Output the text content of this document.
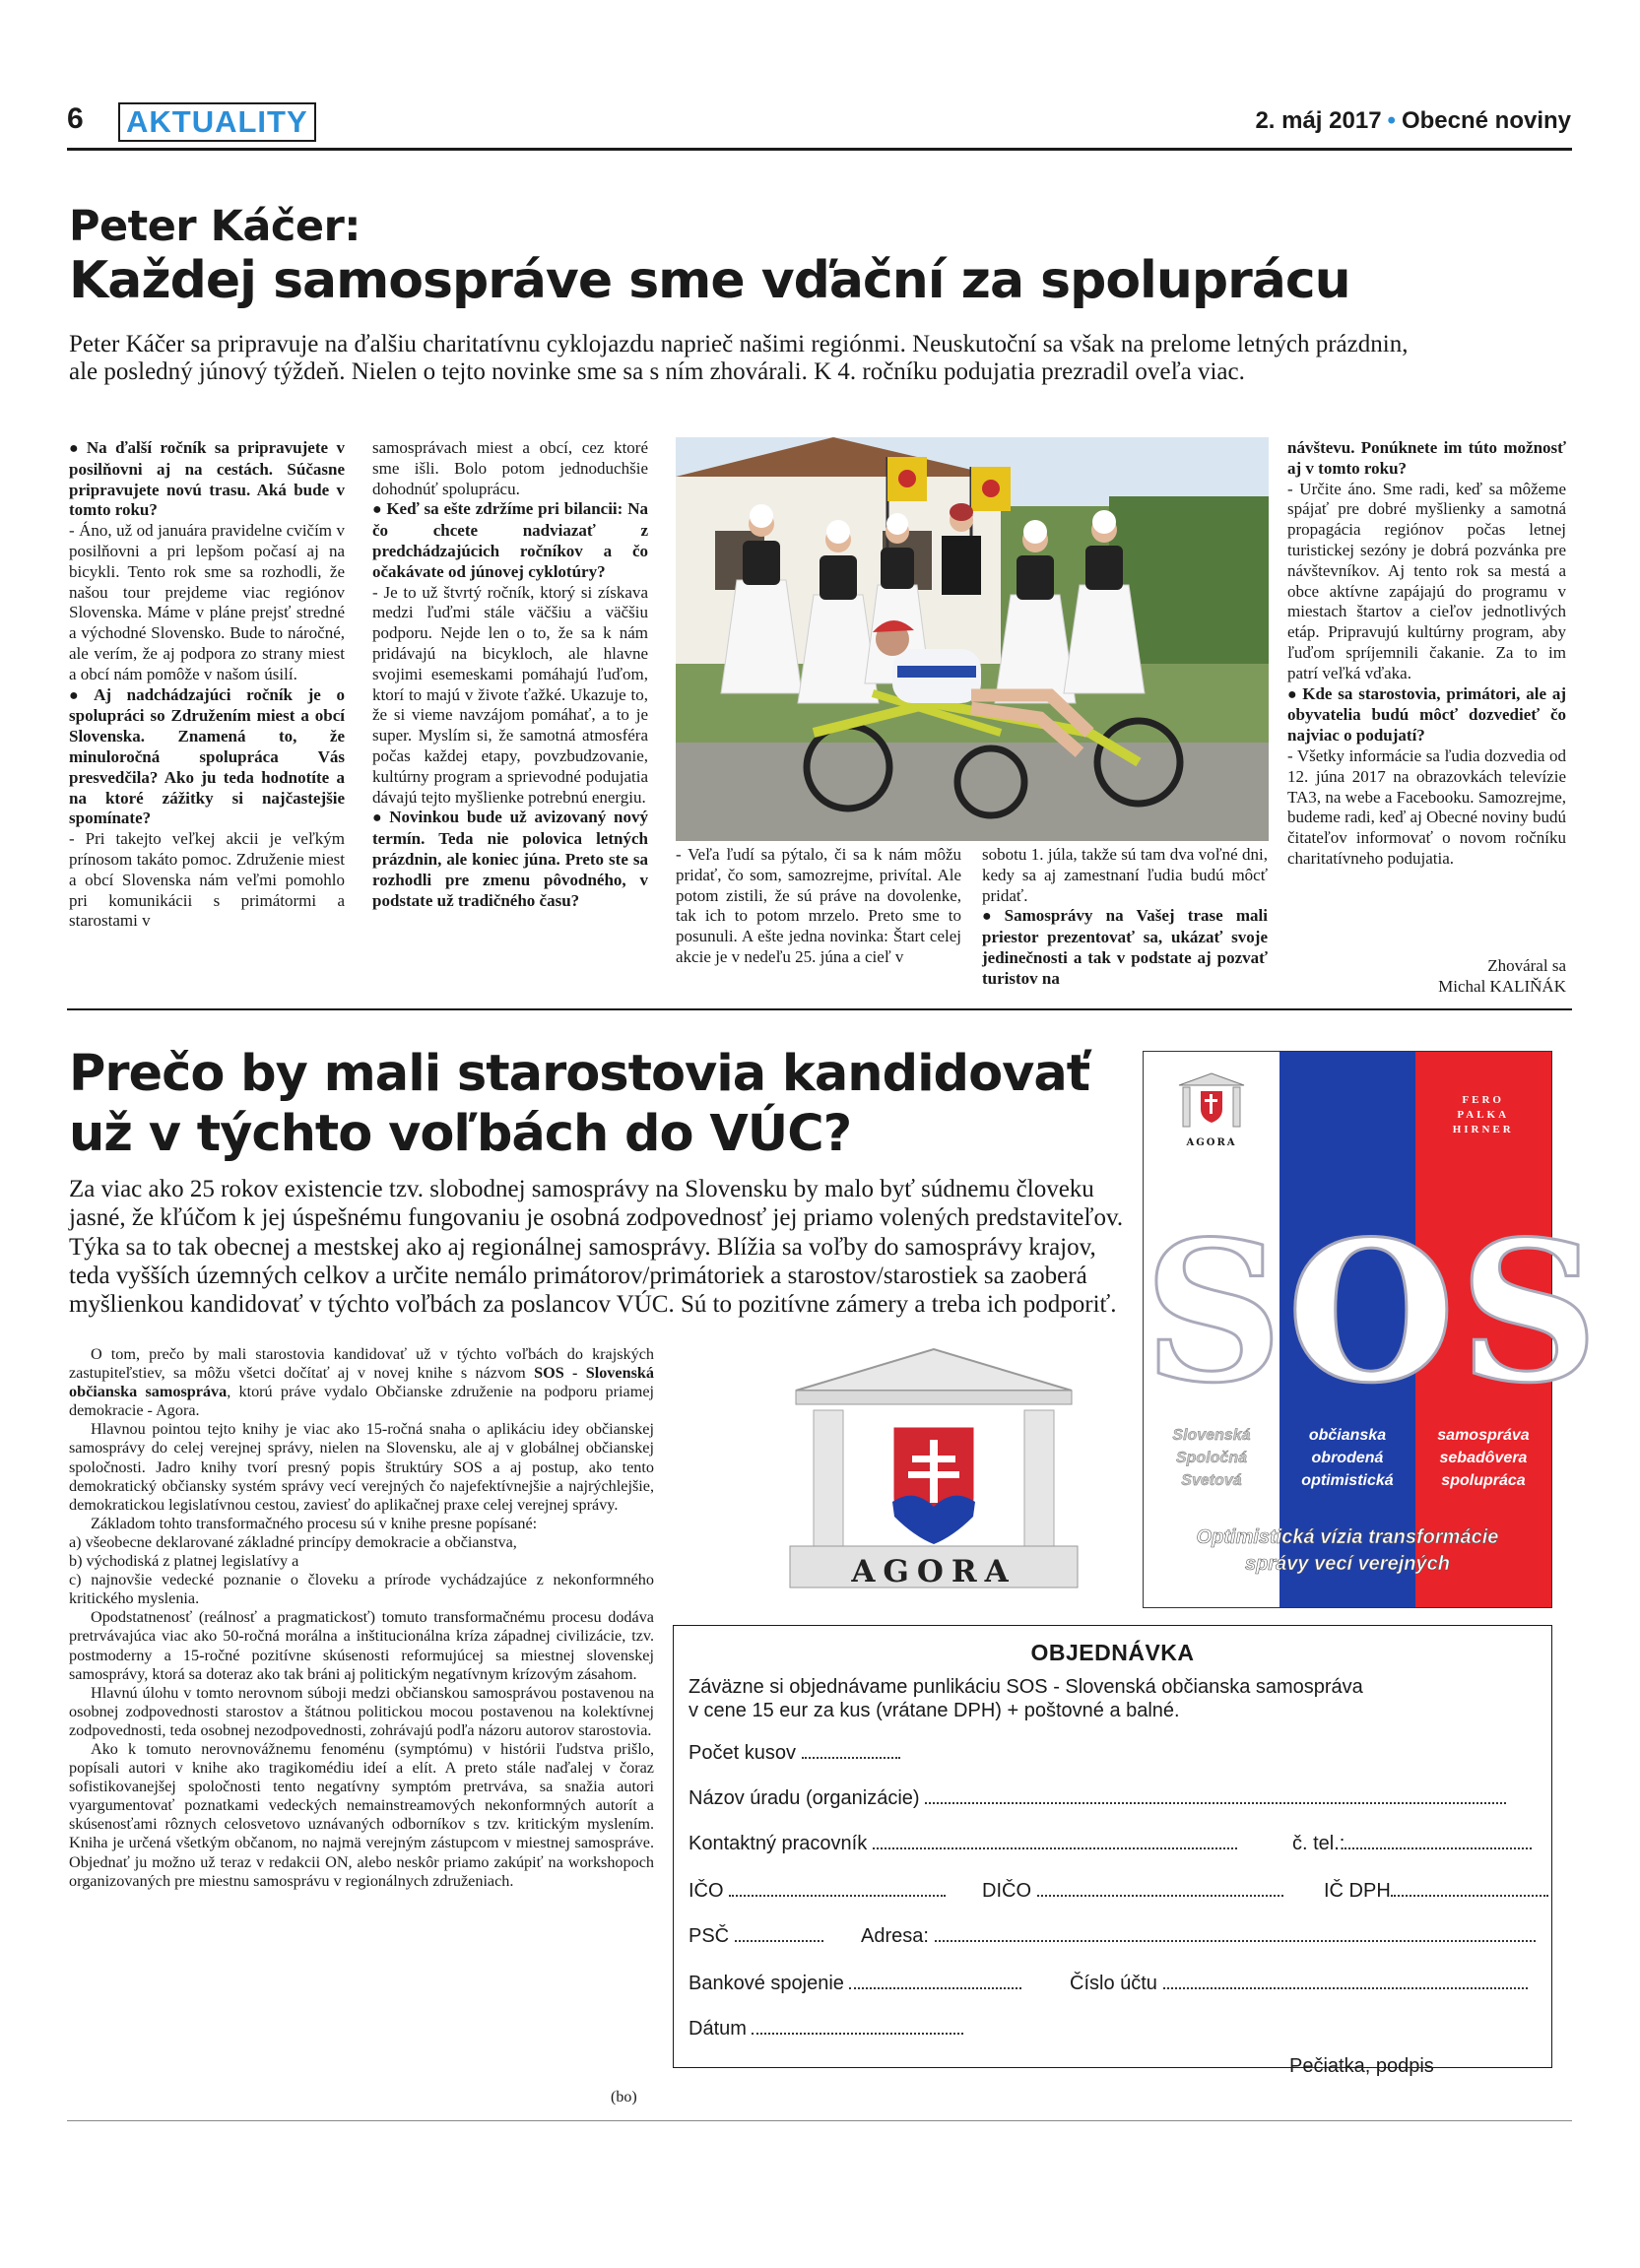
6 AKTUALITY	2. máj 2017 • Obecné noviny
Peter Káčer:
Každej samospráve sme vďační za spoluprácu
Peter Káčer sa pripravuje na ďalšiu charitatívnu cyklojazdu naprieč našimi regiónmi. Neuskutoční sa však na prelome letných prázdnin, ale posledný júnový týždeň. Nielen o tejto novinke sme sa s ním zhovárali. K 4. ročníku podujatia prezradil oveľa viac.

● Na ďalší ročník sa pripravujete v posilňovni aj na cestách. Súčasne pripravujete novú trasu. Aká bude v tomto roku?

- Áno, už od januára pravidelne cvičím v posilňovni a pri lepšom počasí aj na bicykli. Tento rok sme sa rozhodli, že našou tour prejdeme viac regiónov Slovenska. Máme v pláne prejsť stredné a východné Slovensko. Bude to náročné, ale verím, že aj podpora zo strany miest a obcí nám pomôže v našom úsilí.

● Aj nadchádzajúci ročník je o spolupráci so Združením miest a obcí Slovenska. Znamená to, že minuloročná spolupráca Vás presvedčila? Ako ju teda hodnotíte a na ktoré zážitky si najčastejšie spomínate?

- Pri takejto veľkej akcii je veľkým prínosom takáto pomoc. Združenie miest a obcí Slovenska nám veľmi pomohlo pri komunikácii s primátormi a starostami v

samosprávach miest a obcí, cez ktoré sme išli. Bolo potom jednoduchšie dohodnúť spoluprácu.

● Keď sa ešte zdržíme pri bilancii: Na čo chcete nadviazať z predchádzajúcich ročníkov a čo očakávate od júnovej cyklotúry?

- Je to už štvrtý ročník, ktorý si získava medzi ľuďmi stále väčšiu a väčšiu podporu. Nejde len o to, že sa k nám pridávajú na bicykloch, ale hlavne svojimi esemeskami pomáhajú ľuďom, ktorí to majú v živote ťažké. Ukazuje to, že si vieme navzájom pomáhať, a to je super. Myslím si, že samotná atmosféra počas každej etapy, povzbudzovanie, kultúrny program a sprievodné podujatia dávajú tejto myšlienke potrebnú energiu.

● Novinkou bude už avizovaný nový termín. Teda nie polovica letných prázdnin, ale koniec júna. Preto ste sa rozhodli pre zmenu pôvodného, v podstate už tradičného času?

- Veľa ľudí sa pýtalo, či sa k nám môžu pridať, čo som, samozrejme, privítal. Ale potom zistili, že sú práve na dovolenke, tak ich to potom mrzelo. Preto sme to posunuli. A ešte jedna novinka: Štart celej akcie je v nedeľu 25. júna a cieľ v

sobotu 1. júla, takže sú tam dva voľné dni, kedy sa aj zamestnaní ľudia budú môcť pridať.

● Samosprávy na Vašej trase mali priestor prezentovať sa, ukázať svoje jedinečnosti a tak v podstate aj pozvať turistov na

návštevu. Ponúknete im túto možnosť aj v tomto roku?

- Určite áno. Sme radi, keď sa môžeme spájať pre dobré myšlienky a samotná propagácia regiónov počas letnej turistickej sezóny je dobrá pozvánka pre návštevníkov. Aj tento rok sa mestá a obce aktívne zapájajú do programu v miestach štartov a cieľov jednotlivých etáp. Pripravujú kultúrny program, aby ľuďom spríjemnili čakanie. Za to im patrí veľká vďaka.

● Kde sa starostovia, primátori, ale aj obyvatelia budú môcť dozvedieť čo najviac o podujatí?

- Všetky informácie sa ľudia dozvedia od 12. júna 2017 na obrazovkách televízie TA3, na webe a Facebooku. Samozrejme, budeme radi, keď aj Obecné noviny budú čitateľov informovať o novom ročníku charitatívneho podujatia.

Zhováral sa
Michal KALIŇÁK
Prečo by mali starostovia kandidovať už v týchto voľbách do VÚC?
Za viac ako 25 rokov existencie tzv. slobodnej samosprávy na Slovensku by malo byť súdnemu človeku jasné, že kľúčom k jej úspešnému fungovaniu je osobná zodpovednosť jej priamo volených predstaviteľov. Týka sa to tak obecnej a mestskej ako aj regionálnej samosprávy. Blížia sa voľby do samosprávy krajov, teda vyšších územných celkov a určite nemálo primátorov/primátoriek a starostov/starostiek sa zaoberá myšlienkou kandidovať v týchto voľbách za poslancov VÚC. Sú to pozitívne zámery a treba ich podporiť.

O tom, prečo by mali starostovia kandidovať už v týchto voľbách do krajských zastupiteľstiev, sa môžu všetci dočítať aj v novej knihe s názvom SOS - Slovenská občianska samospráva, ktorú práve vydalo Občianske združenie na podporu priamej demokracie - Agora.

Hlavnou pointou tejto knihy je viac ako 15-ročná snaha o aplikáciu idey občianskej samosprávy do celej verejnej správy, nielen na Slovensku, ale aj v globálnej občianskej spoločnosti. Jadro knihy tvorí presný popis štruktúry SOS a aj postup, ako tento demokratický občiansky systém správy vecí verejných čo najefektívnejšie a najrýchlejšie, demokratickou legislatívnou cestou, zaviesť do aplikačnej praxe celej verejnej správy.

Základom tohto transformačného procesu sú v knihe presne popísané:

a) všeobecne deklarované základné princípy demokracie a občianstva,

b) východiská z platnej legislatívy a

c) najnovšie vedecké poznanie o človeku a prírode vychádzajúce z nekonformného kritického myslenia.

Opodstatnenosť (reálnosť a pragmatickosť) tomuto transformačnému procesu dodáva pretrvávajúca viac ako 50-ročná morálna a inštitucionálna kríza západnej civilizácie, tzv. postmoderny a 15-ročné pozitívne skúsenosti reformujúcej sa miestnej slovenskej samosprávy, ktorá sa doteraz ako tak bráni aj politickým negatívnym krízovým zásahom.

Hlavnú úlohu v tomto nerovnom súboji medzi občianskou samosprávou postavenou na osobnej zodpovednosti starostov a štátnou politickou mocou postavenou na kolektívnej zodpovednosti, teda osobnej nezodpovednosti, zohrávajú podľa názoru autorov starostovia.

Ako k tomuto nerovnovážnemu fenoménu (symptómu) v histórii ľudstva prišlo, popísali autori v knihe ako tragikomédiu ideí a elít. A preto stále naďalej v čoraz sofistikovanejšej spoločnosti tento negatívny symptóm pretrváva, sa snažia autori vyargumentovať poznatkami vedeckých nemainstreamových nekonformných autorít a skúsenosťami rôznych celosvetovo uznávaných odborníkov s tzv. kritickým myslením. Kniha je určená všetkým občanom, no najmä verejným zástupcom v miestnej samospráve. Objednať ju možno už teraz v redakcii ON, alebo neskôr priamo zakúpiť na workshopoch organizovaných pre miestnu samosprávu v regionálnych združeniach.

(bo)
AGORA
AGORA
FERO
PALKA
HIRNER
SOS
Slovenská
Spoločná
Svetová
občianska
obrodená
optimistická
samospráva
sebadôvera
spolupráca
Optimistická vízia transformácie
správy vecí verejných
OBJEDNÁVKA
Záväzne si objednávame punlikáciu SOS - Slovenská občianska samospráva
v cene 15 eur za kus (vrátane DPH) + poštovné a balné.
Počet kusov
Názov úradu (organizácie)
Kontaktný pracovník	č. tel.:
IČO	DIČO	IČ DPH
PSČ	Adresa:
Bankové spojenie	Číslo účtu
Dátum
Pečiatka, podpis
